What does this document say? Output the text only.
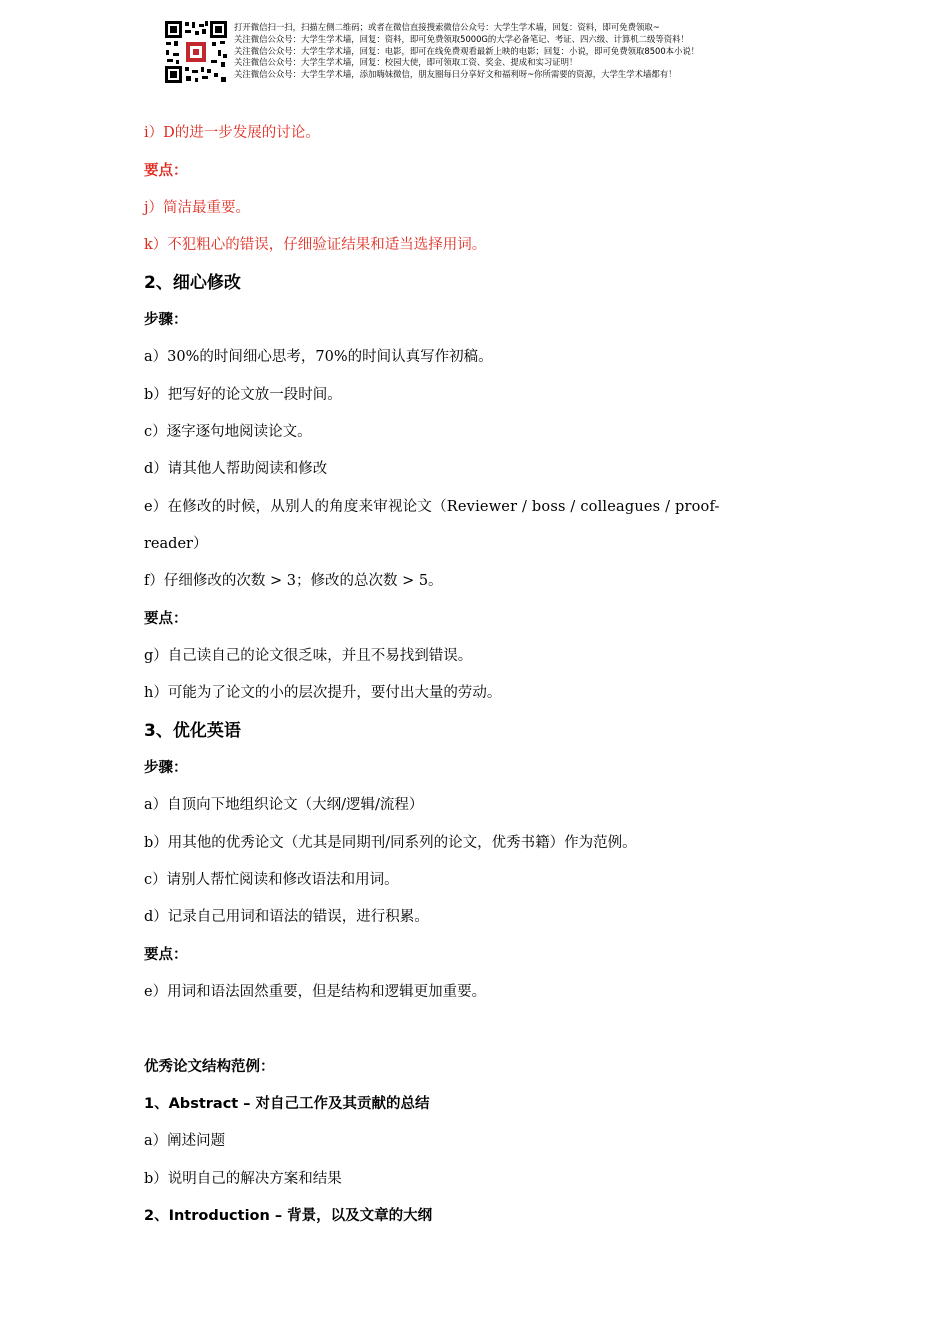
打开微信扫一扫，扫描左侧二维码；或者在微信直接搜索微信公众号：大学生学术墙，回复：资料，即可免费领取~
关注微信公众号：大学生学术墙，回复：资料，即可免费领取5000G的大学必备笔记、考证、四六级、计算机二级等资料！
关注微信公众号：大学生学术墙，回复：电影，即可在线免费观看最新上映的电影；回复：小说，即可免费领取8500本小说！
关注微信公众号：大学生学术墙，回复：校园大使，即可领取工资、奖金、提成和实习证明！
关注微信公众号：大学生学术墙，添加嗨妹微信，朋友圈每日分享好文和福利呀~你所需要的资源，大学生学术墙都有！
i）D的进一步发展的讨论。
要点：
j）简洁最重要。
k）不犯粗心的错误，仔细验证结果和适当选择用词。
2、细心修改
步骤：
a）30%的时间细心思考，70%的时间认真写作初稿。
b）把写好的论文放一段时间。
c）逐字逐句地阅读论文。
d）请其他人帮助阅读和修改
e）在修改的时候，从别人的角度来审视论文（Reviewer / boss / colleagues / proof-
reader）
f）仔细修改的次数 > 3；修改的总次数 > 5。
要点：
g）自己读自己的论文很乏味，并且不易找到错误。
h）可能为了论文的小的层次提升，要付出大量的劳动。
3、优化英语
步骤：
a）自顶向下地组织论文（大纲/逻辑/流程）
b）用其他的优秀论文（尤其是同期刊/同系列的论文，优秀书籍）作为范例。
c）请别人帮忙阅读和修改语法和用词。
d）记录自己用词和语法的错误，进行积累。
要点：
e）用词和语法固然重要，但是结构和逻辑更加重要。
优秀论文结构范例：
1、Abstract – 对自己工作及其贡献的总结
a）阐述问题
b）说明自己的解决方案和结果
2、Introduction – 背景，以及文章的大纲
